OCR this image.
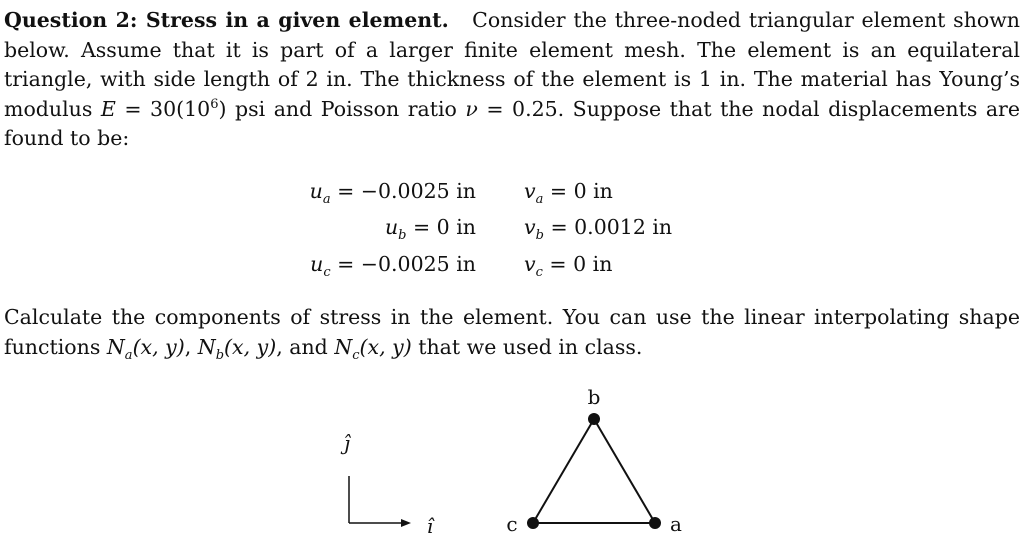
Question 2: Stress in a given element. Consider the three-noded triangular element shown below. Assume that it is part of a larger finite element mesh. The element is an equilateral triangle, with side length of 2 in. The thickness of the element is 1 in. The material has Young’s modulus $E = 30(10^6)$ psi and Poisson ratio ν = 0.25. Suppose that the nodal displacements are found to be:

$u_a = -0.0025$ in
$u_b = 0$ in
$u_c = -0.0025$ in
$v_a = 0$ in
$v_b = 0.0012$ in
$v_c = 0$ in

Calculate the components of stress in the element. You can use the linear interpolating shape functions $N_a(x$, y), $N_b(x$, y), and $N_c(x$, y) that we used in class.

ĵ
ı̂
b
c	a
